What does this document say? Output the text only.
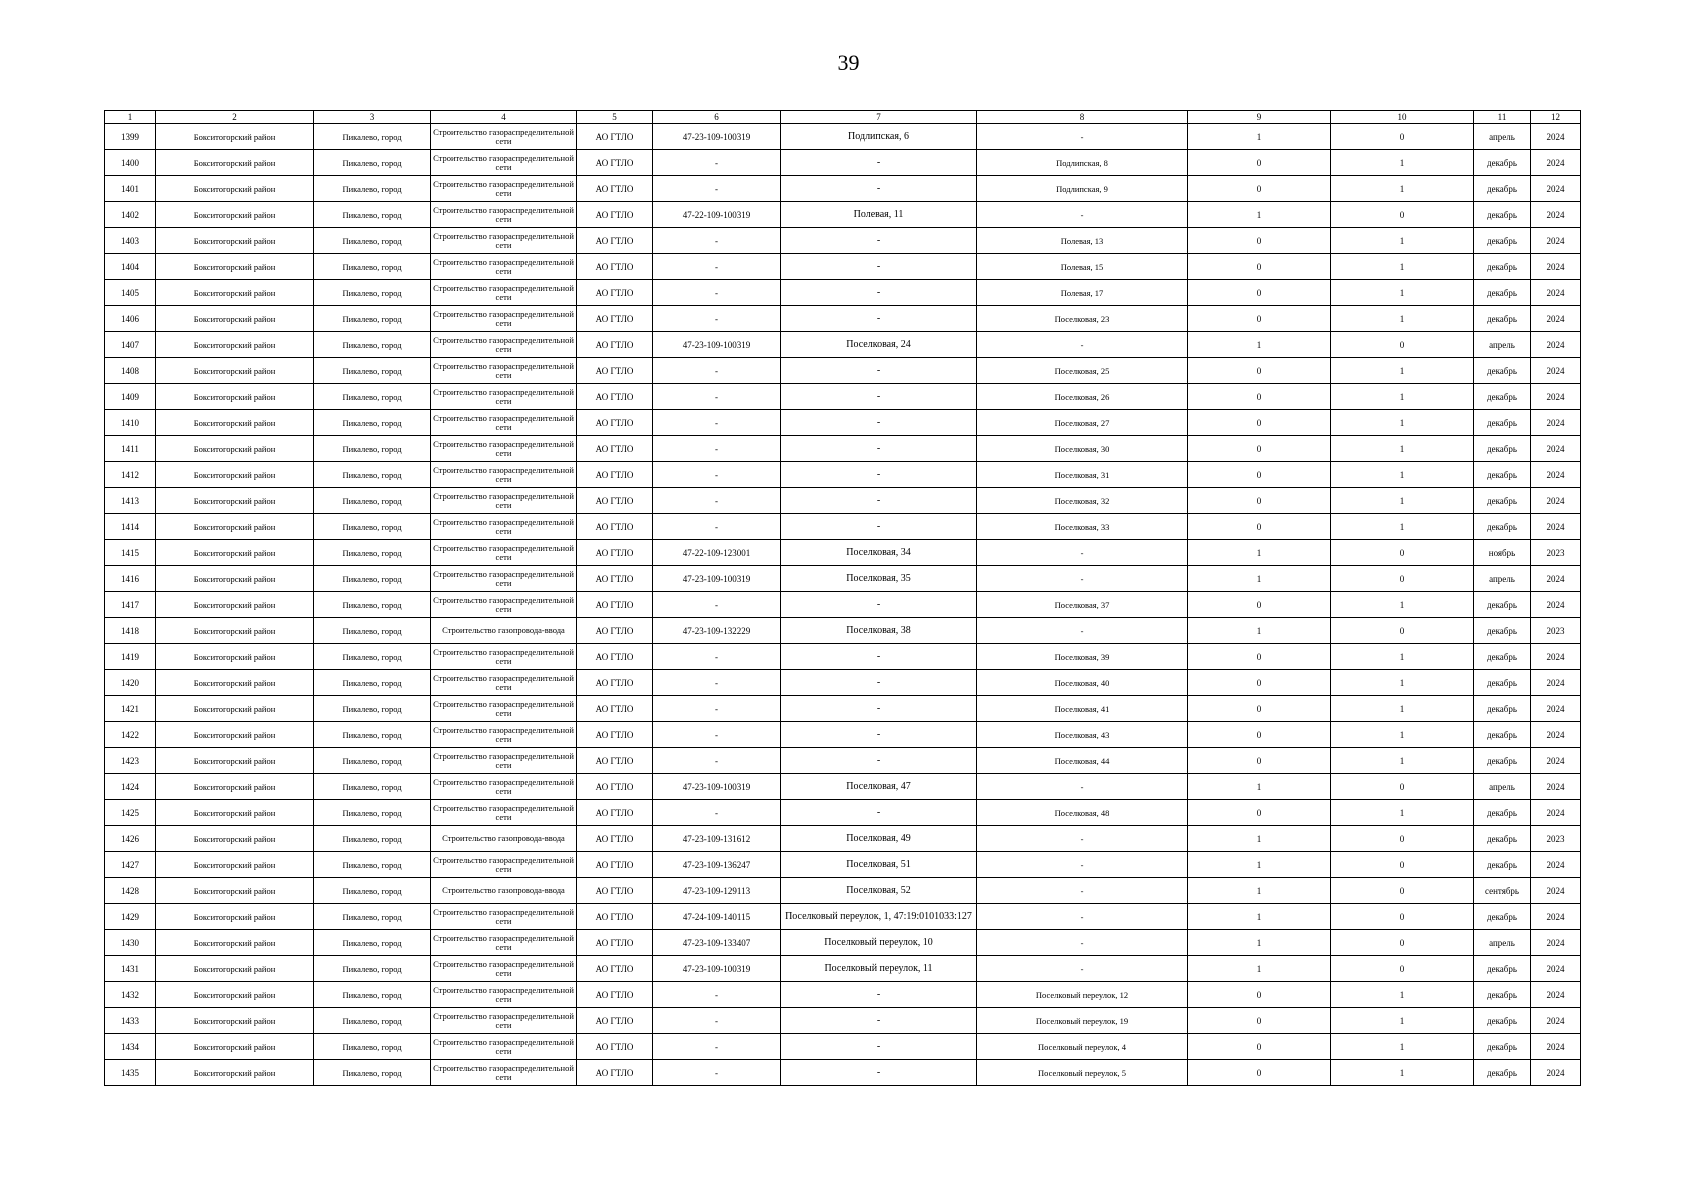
39
1	2	3	4	5	6	7	8	9	10	11	12
1399	Бокситогорский район	Пикалево, город	Строительство газораспределительной сети	АО ГТЛО	47-23-109-100319	Подлипская, 6	-	1	0	апрель	2024
1400	Бокситогорский район	Пикалево, город	Строительство газораспределительной сети	АО ГТЛО	-	-	Подлипская, 8	0	1	декабрь	2024
1401	Бокситогорский район	Пикалево, город	Строительство газораспределительной сети	АО ГТЛО	-	-	Подлипская, 9	0	1	декабрь	2024
1402	Бокситогорский район	Пикалево, город	Строительство газораспределительной сети	АО ГТЛО	47-22-109-100319	Полевая, 11	-	1	0	декабрь	2024
1403	Бокситогорский район	Пикалево, город	Строительство газораспределительной сети	АО ГТЛО	-	-	Полевая, 13	0	1	декабрь	2024
1404	Бокситогорский район	Пикалево, город	Строительство газораспределительной сети	АО ГТЛО	-	-	Полевая, 15	0	1	декабрь	2024
1405	Бокситогорский район	Пикалево, город	Строительство газораспределительной сети	АО ГТЛО	-	-	Полевая, 17	0	1	декабрь	2024
1406	Бокситогорский район	Пикалево, город	Строительство газораспределительной сети	АО ГТЛО	-	-	Поселковая, 23	0	1	декабрь	2024
1407	Бокситогорский район	Пикалево, город	Строительство газораспределительной сети	АО ГТЛО	47-23-109-100319	Поселковая, 24	-	1	0	апрель	2024
1408	Бокситогорский район	Пикалево, город	Строительство газораспределительной сети	АО ГТЛО	-	-	Поселковая, 25	0	1	декабрь	2024
1409	Бокситогорский район	Пикалево, город	Строительство газораспределительной сети	АО ГТЛО	-	-	Поселковая, 26	0	1	декабрь	2024
1410	Бокситогорский район	Пикалево, город	Строительство газораспределительной сети	АО ГТЛО	-	-	Поселковая, 27	0	1	декабрь	2024
1411	Бокситогорский район	Пикалево, город	Строительство газораспределительной сети	АО ГТЛО	-	-	Поселковая, 30	0	1	декабрь	2024
1412	Бокситогорский район	Пикалево, город	Строительство газораспределительной сети	АО ГТЛО	-	-	Поселковая, 31	0	1	декабрь	2024
1413	Бокситогорский район	Пикалево, город	Строительство газораспределительной сети	АО ГТЛО	-	-	Поселковая, 32	0	1	декабрь	2024
1414	Бокситогорский район	Пикалево, город	Строительство газораспределительной сети	АО ГТЛО	-	-	Поселковая, 33	0	1	декабрь	2024
1415	Бокситогорский район	Пикалево, город	Строительство газораспределительной сети	АО ГТЛО	47-22-109-123001	Поселковая, 34	-	1	0	ноябрь	2023
1416	Бокситогорский район	Пикалево, город	Строительство газораспределительной сети	АО ГТЛО	47-23-109-100319	Поселковая, 35	-	1	0	апрель	2024
1417	Бокситогорский район	Пикалево, город	Строительство газораспределительной сети	АО ГТЛО	-	-	Поселковая, 37	0	1	декабрь	2024
1418	Бокситогорский район	Пикалево, город	Строительство газопровода-ввода	АО ГТЛО	47-23-109-132229	Поселковая, 38	-	1	0	декабрь	2023
1419	Бокситогорский район	Пикалево, город	Строительство газораспределительной сети	АО ГТЛО	-	-	Поселковая, 39	0	1	декабрь	2024
1420	Бокситогорский район	Пикалево, город	Строительство газораспределительной сети	АО ГТЛО	-	-	Поселковая, 40	0	1	декабрь	2024
1421	Бокситогорский район	Пикалево, город	Строительство газораспределительной сети	АО ГТЛО	-	-	Поселковая, 41	0	1	декабрь	2024
1422	Бокситогорский район	Пикалево, город	Строительство газораспределительной сети	АО ГТЛО	-	-	Поселковая, 43	0	1	декабрь	2024
1423	Бокситогорский район	Пикалево, город	Строительство газораспределительной сети	АО ГТЛО	-	-	Поселковая, 44	0	1	декабрь	2024
1424	Бокситогорский район	Пикалево, город	Строительство газораспределительной сети	АО ГТЛО	47-23-109-100319	Поселковая, 47	-	1	0	апрель	2024
1425	Бокситогорский район	Пикалево, город	Строительство газораспределительной сети	АО ГТЛО	-	-	Поселковая, 48	0	1	декабрь	2024
1426	Бокситогорский район	Пикалево, город	Строительство газопровода-ввода	АО ГТЛО	47-23-109-131612	Поселковая, 49	-	1	0	декабрь	2023
1427	Бокситогорский район	Пикалево, город	Строительство газораспределительной сети	АО ГТЛО	47-23-109-136247	Поселковая, 51	-	1	0	декабрь	2024
1428	Бокситогорский район	Пикалево, город	Строительство газопровода-ввода	АО ГТЛО	47-23-109-129113	Поселковая, 52	-	1	0	сентябрь	2024
1429	Бокситогорский район	Пикалево, город	Строительство газораспределительной сети	АО ГТЛО	47-24-109-140115	Поселковый переулок, 1, 47:19:0101033:127	-	1	0	декабрь	2024
1430	Бокситогорский район	Пикалево, город	Строительство газораспределительной сети	АО ГТЛО	47-23-109-133407	Поселковый переулок, 10	-	1	0	апрель	2024
1431	Бокситогорский район	Пикалево, город	Строительство газораспределительной сети	АО ГТЛО	47-23-109-100319	Поселковый переулок, 11	-	1	0	декабрь	2024
1432	Бокситогорский район	Пикалево, город	Строительство газораспределительной сети	АО ГТЛО	-	-	Поселковый переулок, 12	0	1	декабрь	2024
1433	Бокситогорский район	Пикалево, город	Строительство газораспределительной сети	АО ГТЛО	-	-	Поселковый переулок, 19	0	1	декабрь	2024
1434	Бокситогорский район	Пикалево, город	Строительство газораспределительной сети	АО ГТЛО	-	-	Поселковый переулок, 4	0	1	декабрь	2024
1435	Бокситогорский район	Пикалево, город	Строительство газораспределительной сети	АО ГТЛО	-	-	Поселковый переулок, 5	0	1	декабрь	2024
